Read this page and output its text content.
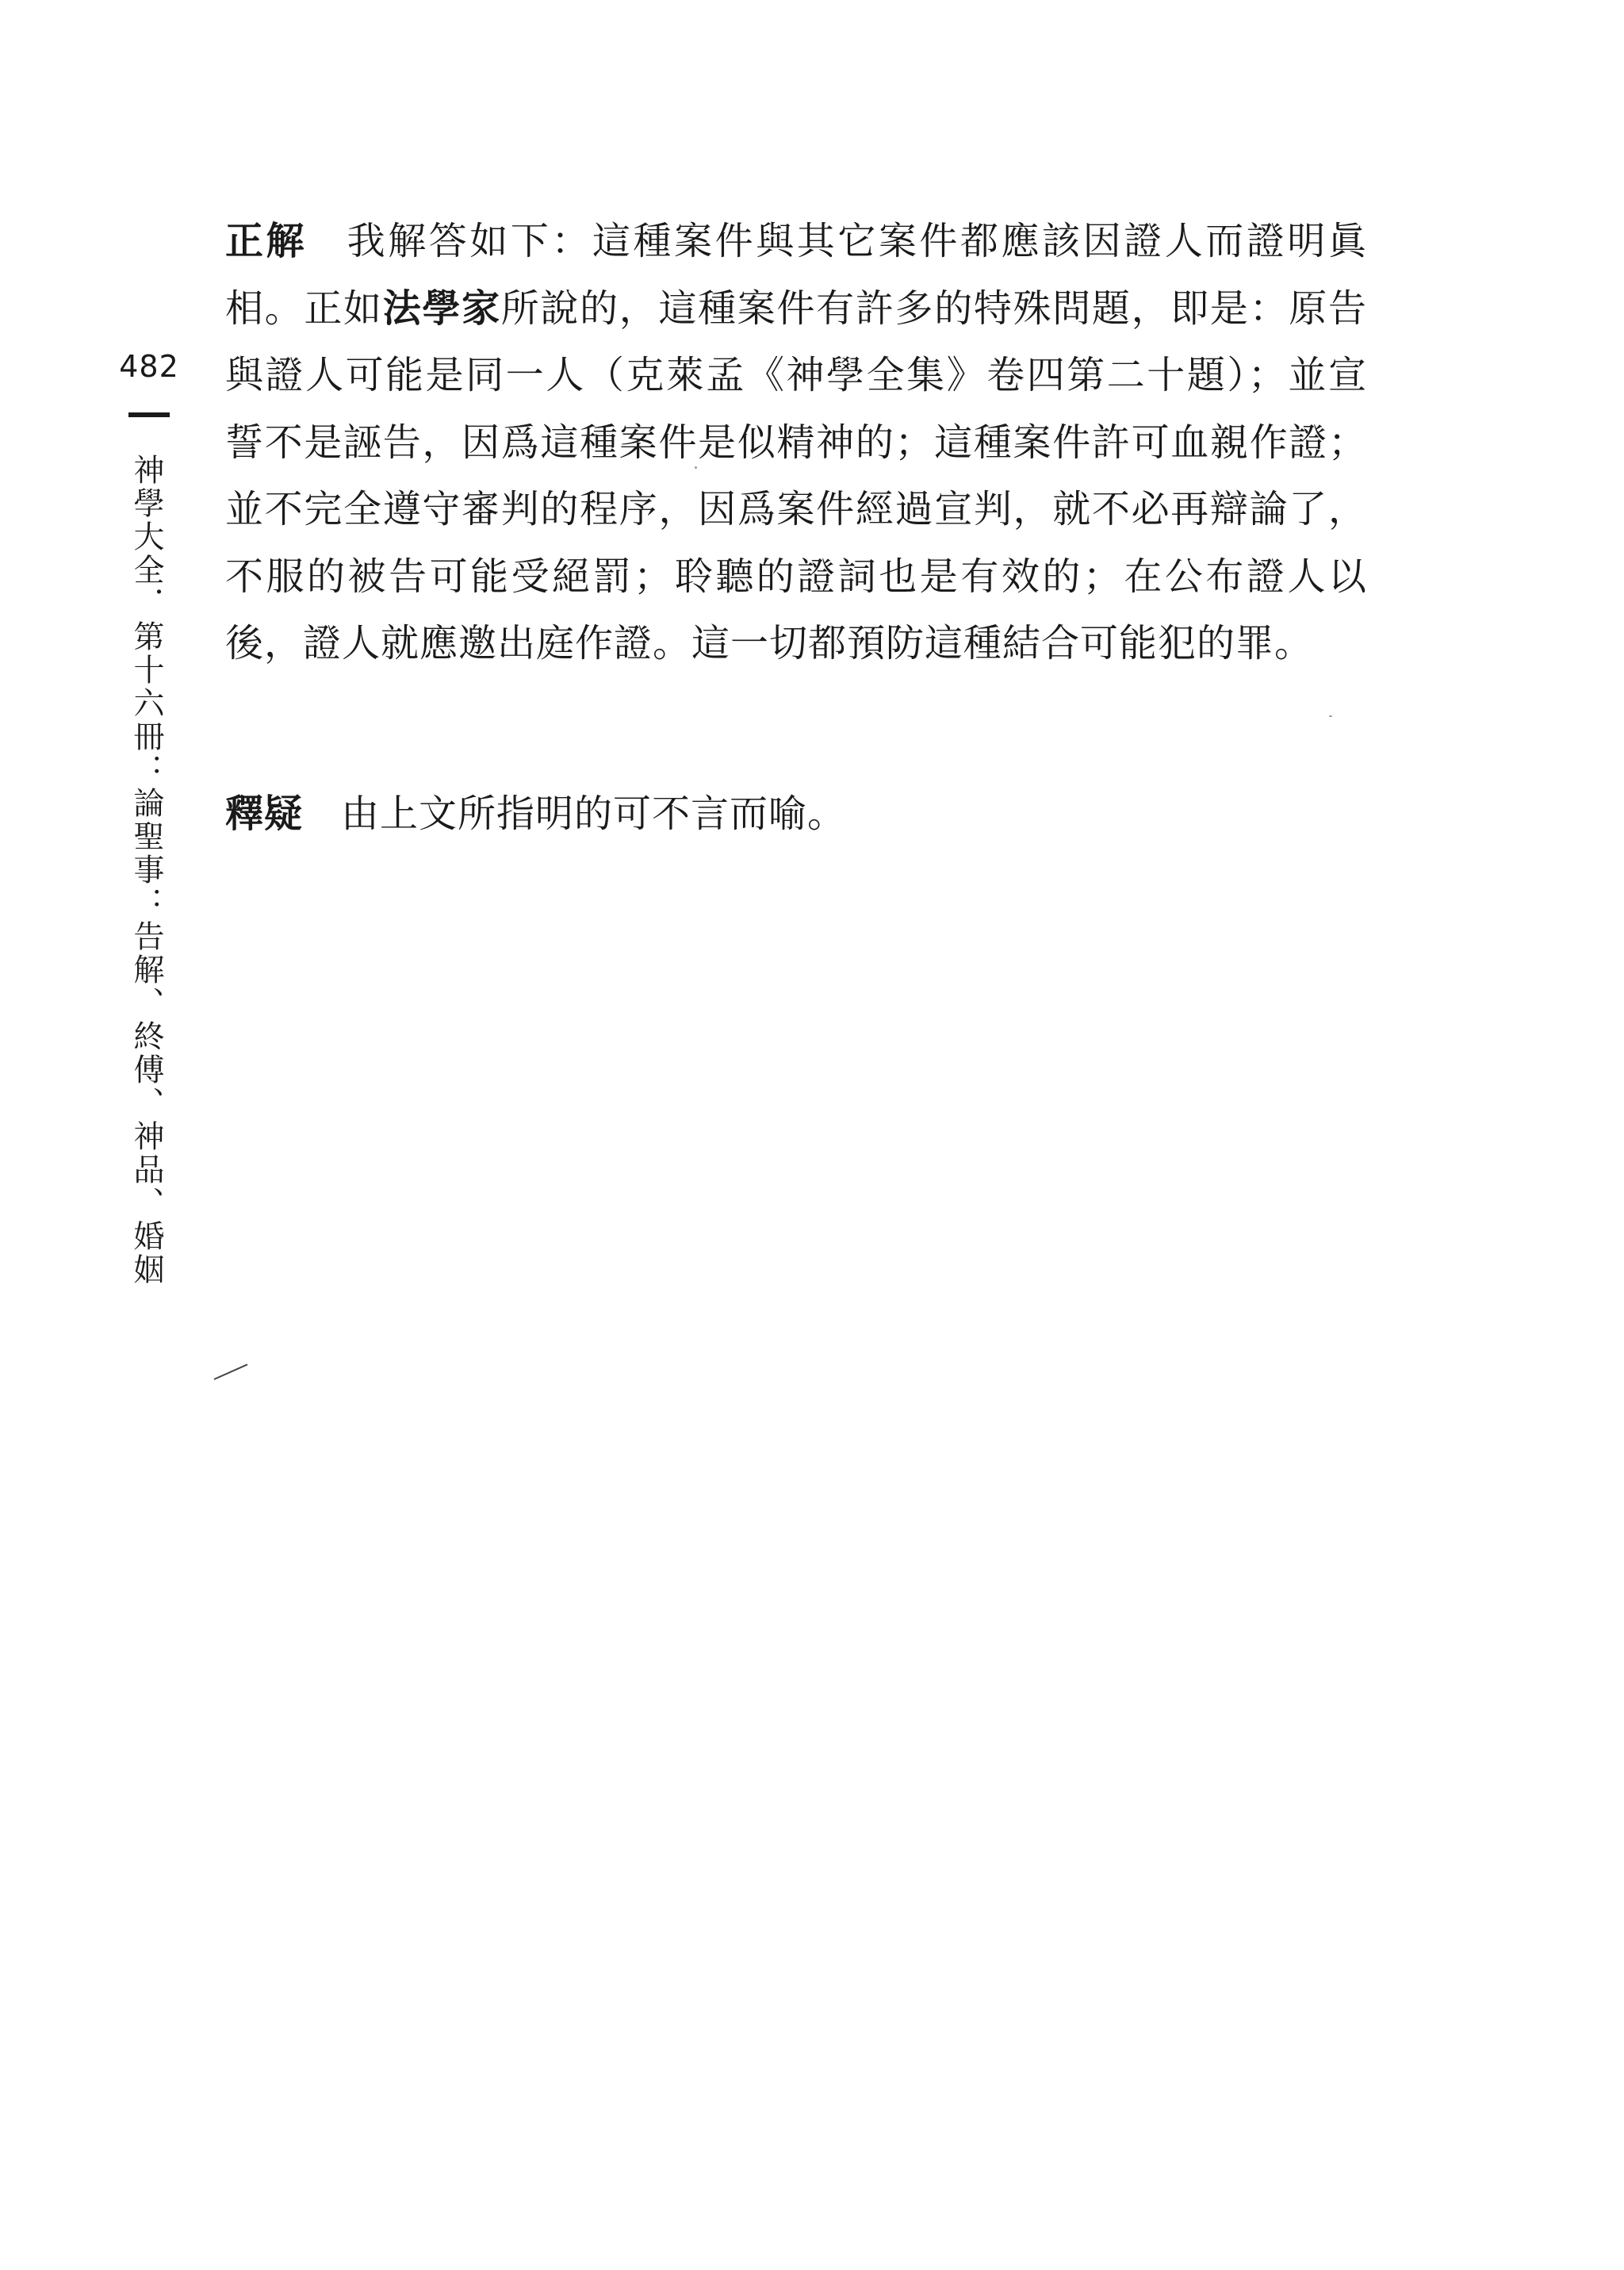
482
神學大全．第十六冊：論聖事：告解、終傅、神品、婚姻

正解 我解答如下：這種案件與其它案件都應該因證人而證明眞相。正如法學家所說的，這種案件有許多的特殊問題，即是：原告與證人可能是同一人（克萊孟《神學全集》卷四第二十題）；並宣誓不是誣告，因爲這種案件是似精神的；這種案件許可血親作證；並不完全遵守審判的程序，因爲案件經過宣判，就不必再辯論了，不服的被告可能受絕罰；聆聽的證詞也是有效的；在公布證人以後，證人就應邀出庭作證。這一切都預防這種結合可能犯的罪。

釋疑 由上文所指明的可不言而喻。
